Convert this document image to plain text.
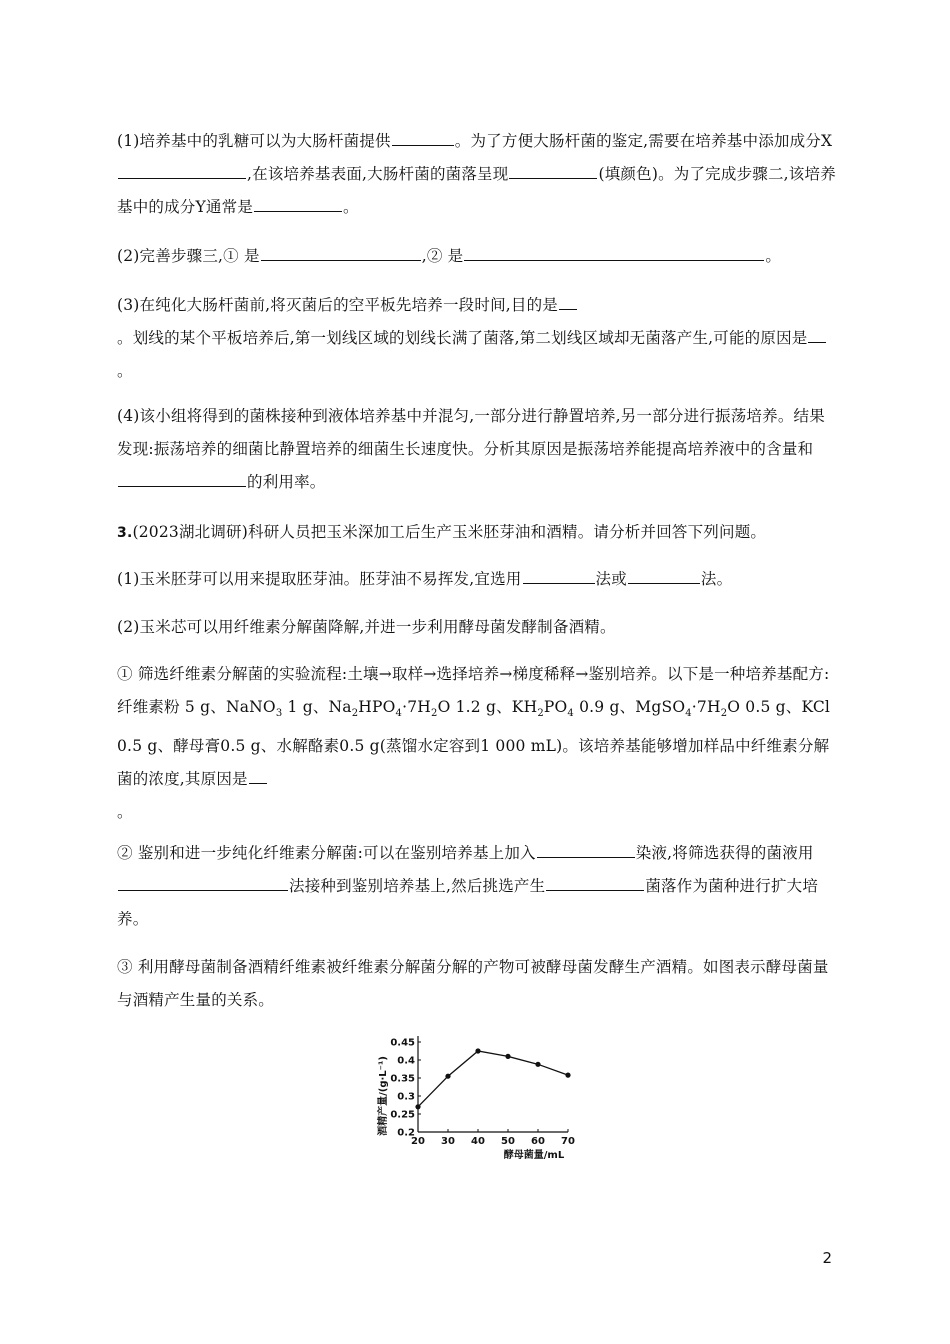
(1)培养基中的乳糖可以为大肠杆菌提供	。为了方便大肠杆菌的鉴定,需要在培养基中添加成分X,在该培养基表面,大肠杆菌的菌落呈现	(填颜色)。为了完成步骤二,该培养基中的成分Y通常是	。
(2)完善步骤三,① 是	,② 是	。
(3)在纯化大肠杆菌前,将灭菌后的空平板先培养一段时间,目的是
。划线的某个平板培养后,第一划线区域的划线长满了菌落,第二划线区域却无菌落产生,可能的原因是。
(4)该小组将得到的菌株接种到液体培养基中并混匀,一部分进行静置培养,另一部分进行振荡培养。结果发现:振荡培养的细菌比静置培养的细菌生长速度快。分析其原因是振荡培养能提高培养液中的含量和的利用率。
3.(2023湖北调研)科研人员把玉米深加工后生产玉米胚芽油和酒精。请分析并回答下列问题。
(1)玉米胚芽可以用来提取胚芽油。胚芽油不易挥发,宜选用	法或	法。
(2)玉米芯可以用纤维素分解菌降解,并进一步利用酵母菌发酵制备酒精。
① 筛选纤维素分解菌的实验流程:土壤→取样→选择培养→梯度稀释→鉴别培养。以下是一种培养基配方:纤维素粉 5 g、NaNO$_3$ 1 g、$Na_2HPO_4\cdot 7H_2O$ 1.2 g、$KH_2PO_4$ 0.9 g、$MgSO_4\cdot 7H_2O$ 0.5 g、KCl 0.5 g、酵母膏0.5 g、水解酪素0.5 g(蒸馏水定容到1 000 mL)。该培养基能够增加样品中纤维素分解菌的浓度,其原因是
。
② 鉴别和进一步纯化纤维素分解菌:可以在鉴别培养基上加入	染液,将筛选获得的菌液用法接种到鉴别培养基上,然后挑选产生	菌落作为菌种进行扩大培养。
③ 利用酵母菌制备酒精纤维素被纤维素分解菌分解的产物可被酵母菌发酵生产酒精。如图表示酵母菌量与酒精产生量的关系。
0.2
0.25
0.3
0.35
0.4
0.45
20 30 40 50 60 70
酒精产量/(g·L⁻¹)
酵母菌量/mL
2
